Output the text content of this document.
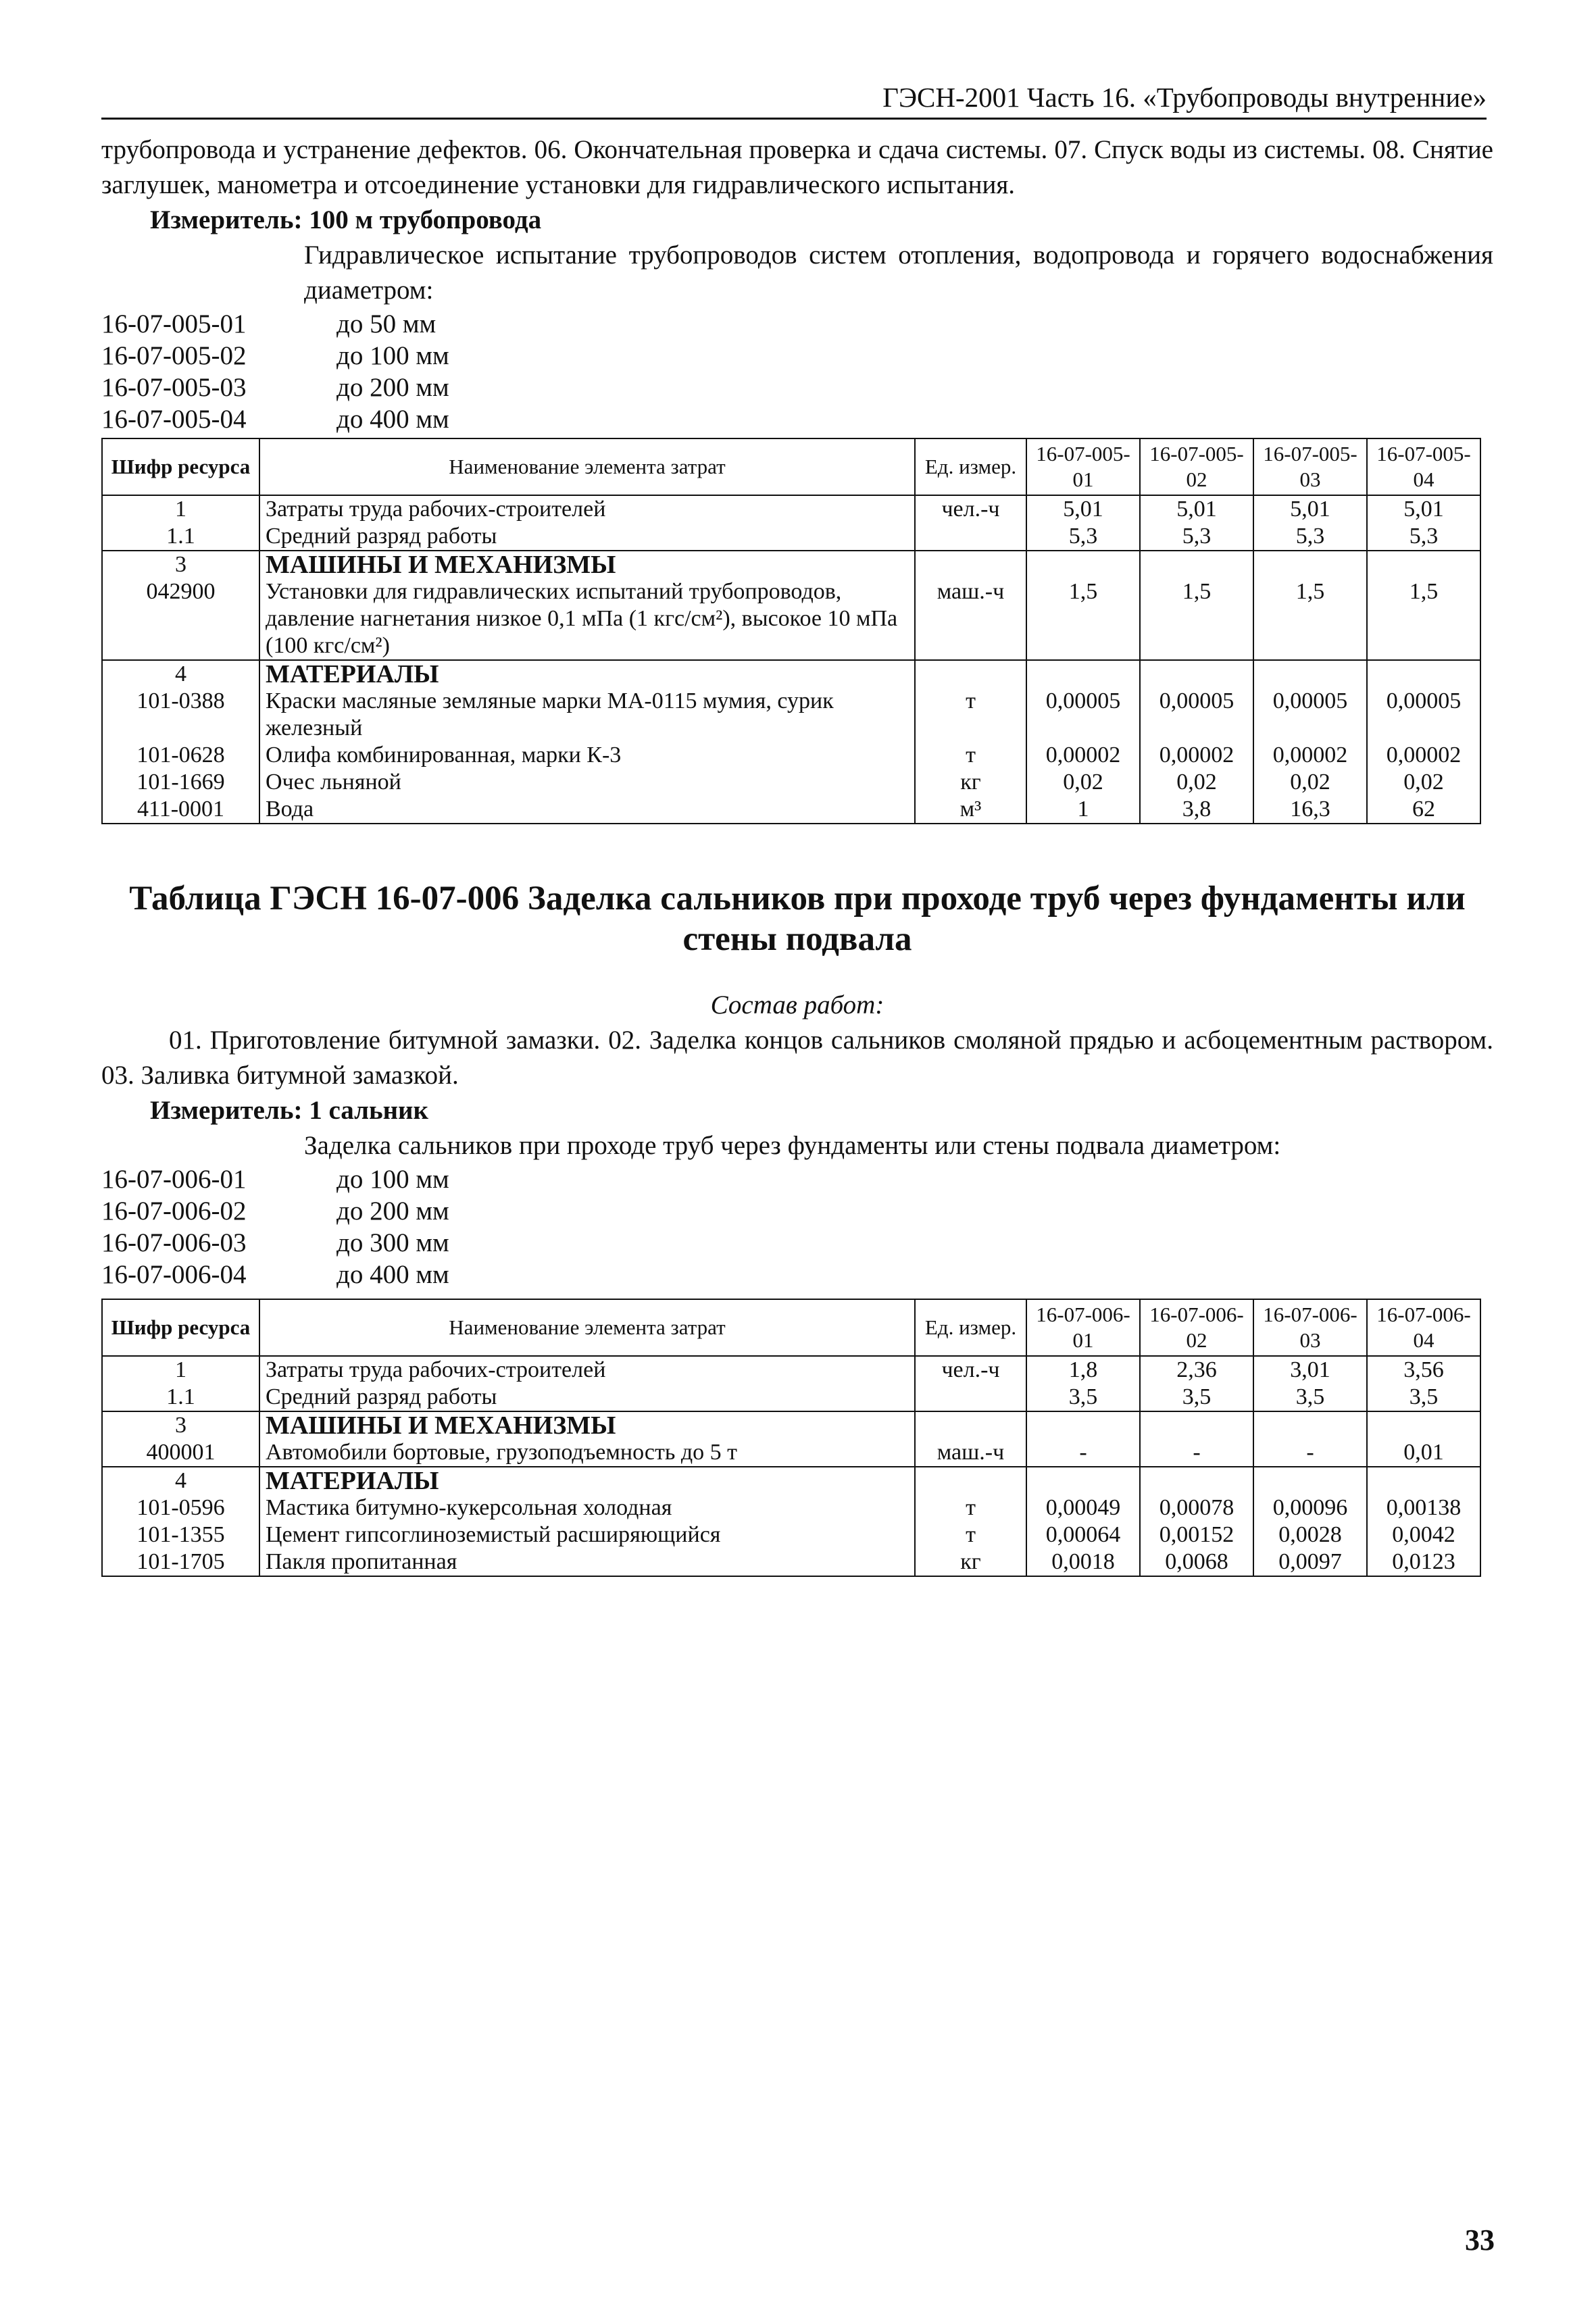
ГЭСН-2001 Часть 16. «Трубопроводы внутренние»
трубопровода и устранение дефектов. 06. Окончательная проверка и сдача системы. 07. Спуск воды из системы. 08. Снятие заглушек, манометра и отсоединение установки для гидравлического испытания.
Измеритель: 100 м трубопровода
Гидравлическое испытание трубопроводов систем отопления, водопровода и горячего водоснабжения диаметром:
16-07-005-01	до 50 мм
16-07-005-02	до 100 мм
16-07-005-03	до 200 мм
16-07-005-04	до 400 мм
Шифр ресурса	Наименование элемента затрат	Ед. измер.	16-07-005-01	16-07-005-02	16-07-005-03	16-07-005-04
1	Затраты труда рабочих-строителей	чел.-ч	5,01	5,01	5,01	5,01
1.1	Средний разряд работы		5,3	5,3	5,3	5,3
3	МАШИНЫ И МЕХАНИЗМЫ					
042900	Установки для гидравлических испытаний трубопроводов, давление нагнетания низкое 0,1 мПа (1 кгс/см²), высокое 10 мПа (100 кгс/см²)	маш.-ч	1,5	1,5	1,5	1,5
4	МАТЕРИАЛЫ					
101-0388	Краски масляные земляные марки МА-0115 мумия, сурик железный	т	0,00005	0,00005	0,00005	0,00005
101-0628	Олифа комбинированная, марки К-3	т	0,00002	0,00002	0,00002	0,00002
101-1669	Очес льняной	кг	0,02	0,02	0,02	0,02
411-0001	Вода	м³	1	3,8	16,3	62
Таблица ГЭСН 16-07-006 Заделка сальников при проходе труб через фундаменты или стены подвала
Состав работ:
01. Приготовление битумной замазки. 02. Заделка концов сальников смоляной прядью и асбоцементным раствором. 03. Заливка битумной замазкой.
Измеритель: 1 сальник
Заделка сальников при проходе труб через фундаменты или стены подвала диаметром:
16-07-006-01	до 100 мм
16-07-006-02	до 200 мм
16-07-006-03	до 300 мм
16-07-006-04	до 400 мм
Шифр ресурса	Наименование элемента затрат	Ед. измер.	16-07-006-01	16-07-006-02	16-07-006-03	16-07-006-04
1	Затраты труда рабочих-строителей	чел.-ч	1,8	2,36	3,01	3,56
1.1	Средний разряд работы		3,5	3,5	3,5	3,5
3	МАШИНЫ И МЕХАНИЗМЫ					
400001	Автомобили бортовые, грузоподъемность до 5 т	маш.-ч	-	-	-	0,01
4	МАТЕРИАЛЫ					
101-0596	Мастика битумно-кукерсольная холодная	т	0,00049	0,00078	0,00096	0,00138
101-1355	Цемент гипсоглиноземистый расширяющийся	т	0,00064	0,00152	0,0028	0,0042
101-1705	Пакля пропитанная	кг	0,0018	0,0068	0,0097	0,0123
33
